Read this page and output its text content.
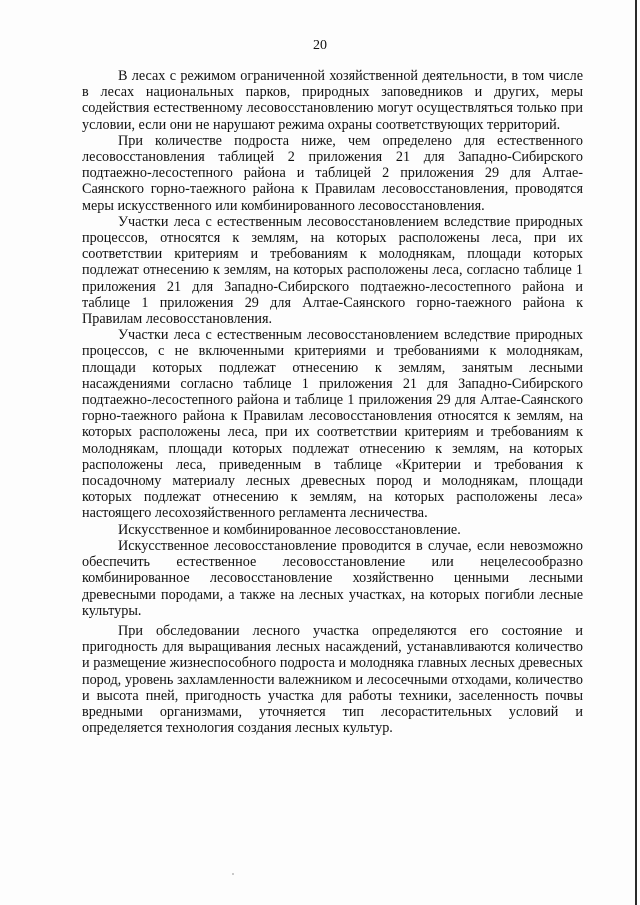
20

В лесах с режимом ограниченной хозяйственной деятельности, в том числе в лесах национальных парков, природных заповедников и других, меры содействия естественному лесовосстановлению могут осуществляться только при условии, если они не нарушают режима охраны соответствующих территорий.

При количестве подроста ниже, чем определено для естественного лесовосстановления таблицей 2 приложения 21 для Западно-Сибирского подтаежно-лесостепного района и таблицей 2 приложения 29 для Алтае-Саянского горно-таежного района к Правилам лесовосстановления, проводятся меры искусственного или комбинированного лесовосстановления.

Участки леса с естественным лесовосстановлением вследствие природных процессов, относятся к землям, на которых расположены леса, при их соответствии критериям и требованиям к молоднякам, площади которых подлежат отнесению к землям, на которых расположены леса, согласно таблице 1 приложения 21 для Западно-Сибирского подтаежно-лесостепного района и таблице 1 приложения 29 для Алтае-Саянского горно-таежного района к Правилам лесовосстановления.

Участки леса с естественным лесовосстановлением вследствие природных процессов, с не включенными критериями и требованиями к молоднякам, площади которых подлежат отнесению к землям, занятым лесными насаждениями согласно таблице 1 приложения 21 для Западно-Сибирского подтаежно-лесостепного района и таблице 1 приложения 29 для Алтае-Саянского горно-таежного района к Правилам лесовосстановления относятся к землям, на которых расположены леса, при их соответствии критериям и требованиям к молоднякам, площади которых подлежат отнесению к землям, на которых расположены леса, приведенным в таблице «Критерии и требования к посадочному материалу лесных древесных пород и молоднякам, площади которых подлежат отнесению к землям, на которых расположены леса» настоящего лесохозяйственного регламента лесничества.

Искусственное и комбинированное лесовосстановление.

Искусственное лесовосстановление проводится в случае, если невозможно обеспечить естественное лесовосстановление или нецелесообразно комбинированное лесовосстановление хозяйственно ценными лесными древесными породами, а также на лесных участках, на которых погибли лесные культуры.

При обследовании лесного участка определяются его состояние и пригодность для выращивания лесных насаждений, устанавливаются количество и размещение жизнеспособного подроста и молодняка главных лесных древесных пород, уровень захламленности валежником и лесосечными отходами, количество и высота пней, пригодность участка для работы техники, заселенность почвы вредными организмами, уточняется тип лесорастительных условий и определяется технология создания лесных культур.
